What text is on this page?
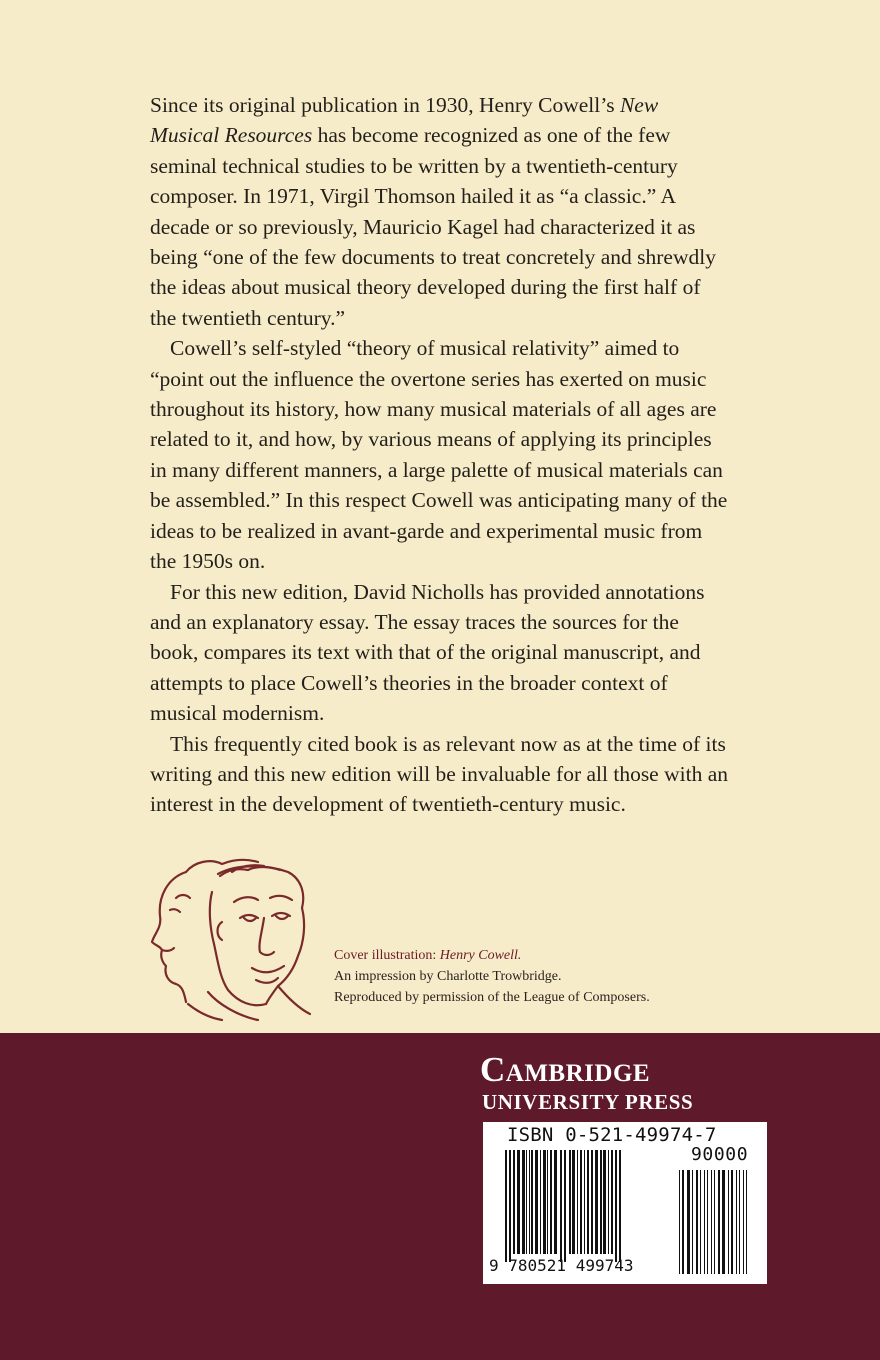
Since its original publication in 1930, Henry Cowell’s New Musical Resources has become recognized as one of the few seminal technical studies to be written by a twentieth-century composer. In 1971, Virgil Thomson hailed it as “a classic.” A decade or so previously, Mauricio Kagel had characterized it as being “one of the few documents to treat concretely and shrewdly the ideas about musical theory developed during the first half of the twentieth century.”

Cowell’s self-styled “theory of musical relativity” aimed to “point out the influence the overtone series has exerted on music throughout its history, how many musical materials of all ages are related to it, and how, by various means of applying its principles in many different manners, a large palette of musical materials can be assembled.” In this respect Cowell was anticipating many of the ideas to be realized in avant-garde and experimental music from the 1950s on.

For this new edition, David Nicholls has provided annotations and an explanatory essay. The essay traces the sources for the book, compares its text with that of the original manuscript, and attempts to place Cowell’s theories in the broader context of musical modernism.

This frequently cited book is as relevant now as at the time of its writing and this new edition will be invaluable for all those with an interest in the development of twentieth-century music.

Cover illustration: Henry Cowell.
An impression by Charlotte Trowbridge.
Reproduced by permission of the League of Composers.
Cambridge
UNIVERSITY PRESS
ISBN 0-521-49974-7
90000
9 780521 499743
